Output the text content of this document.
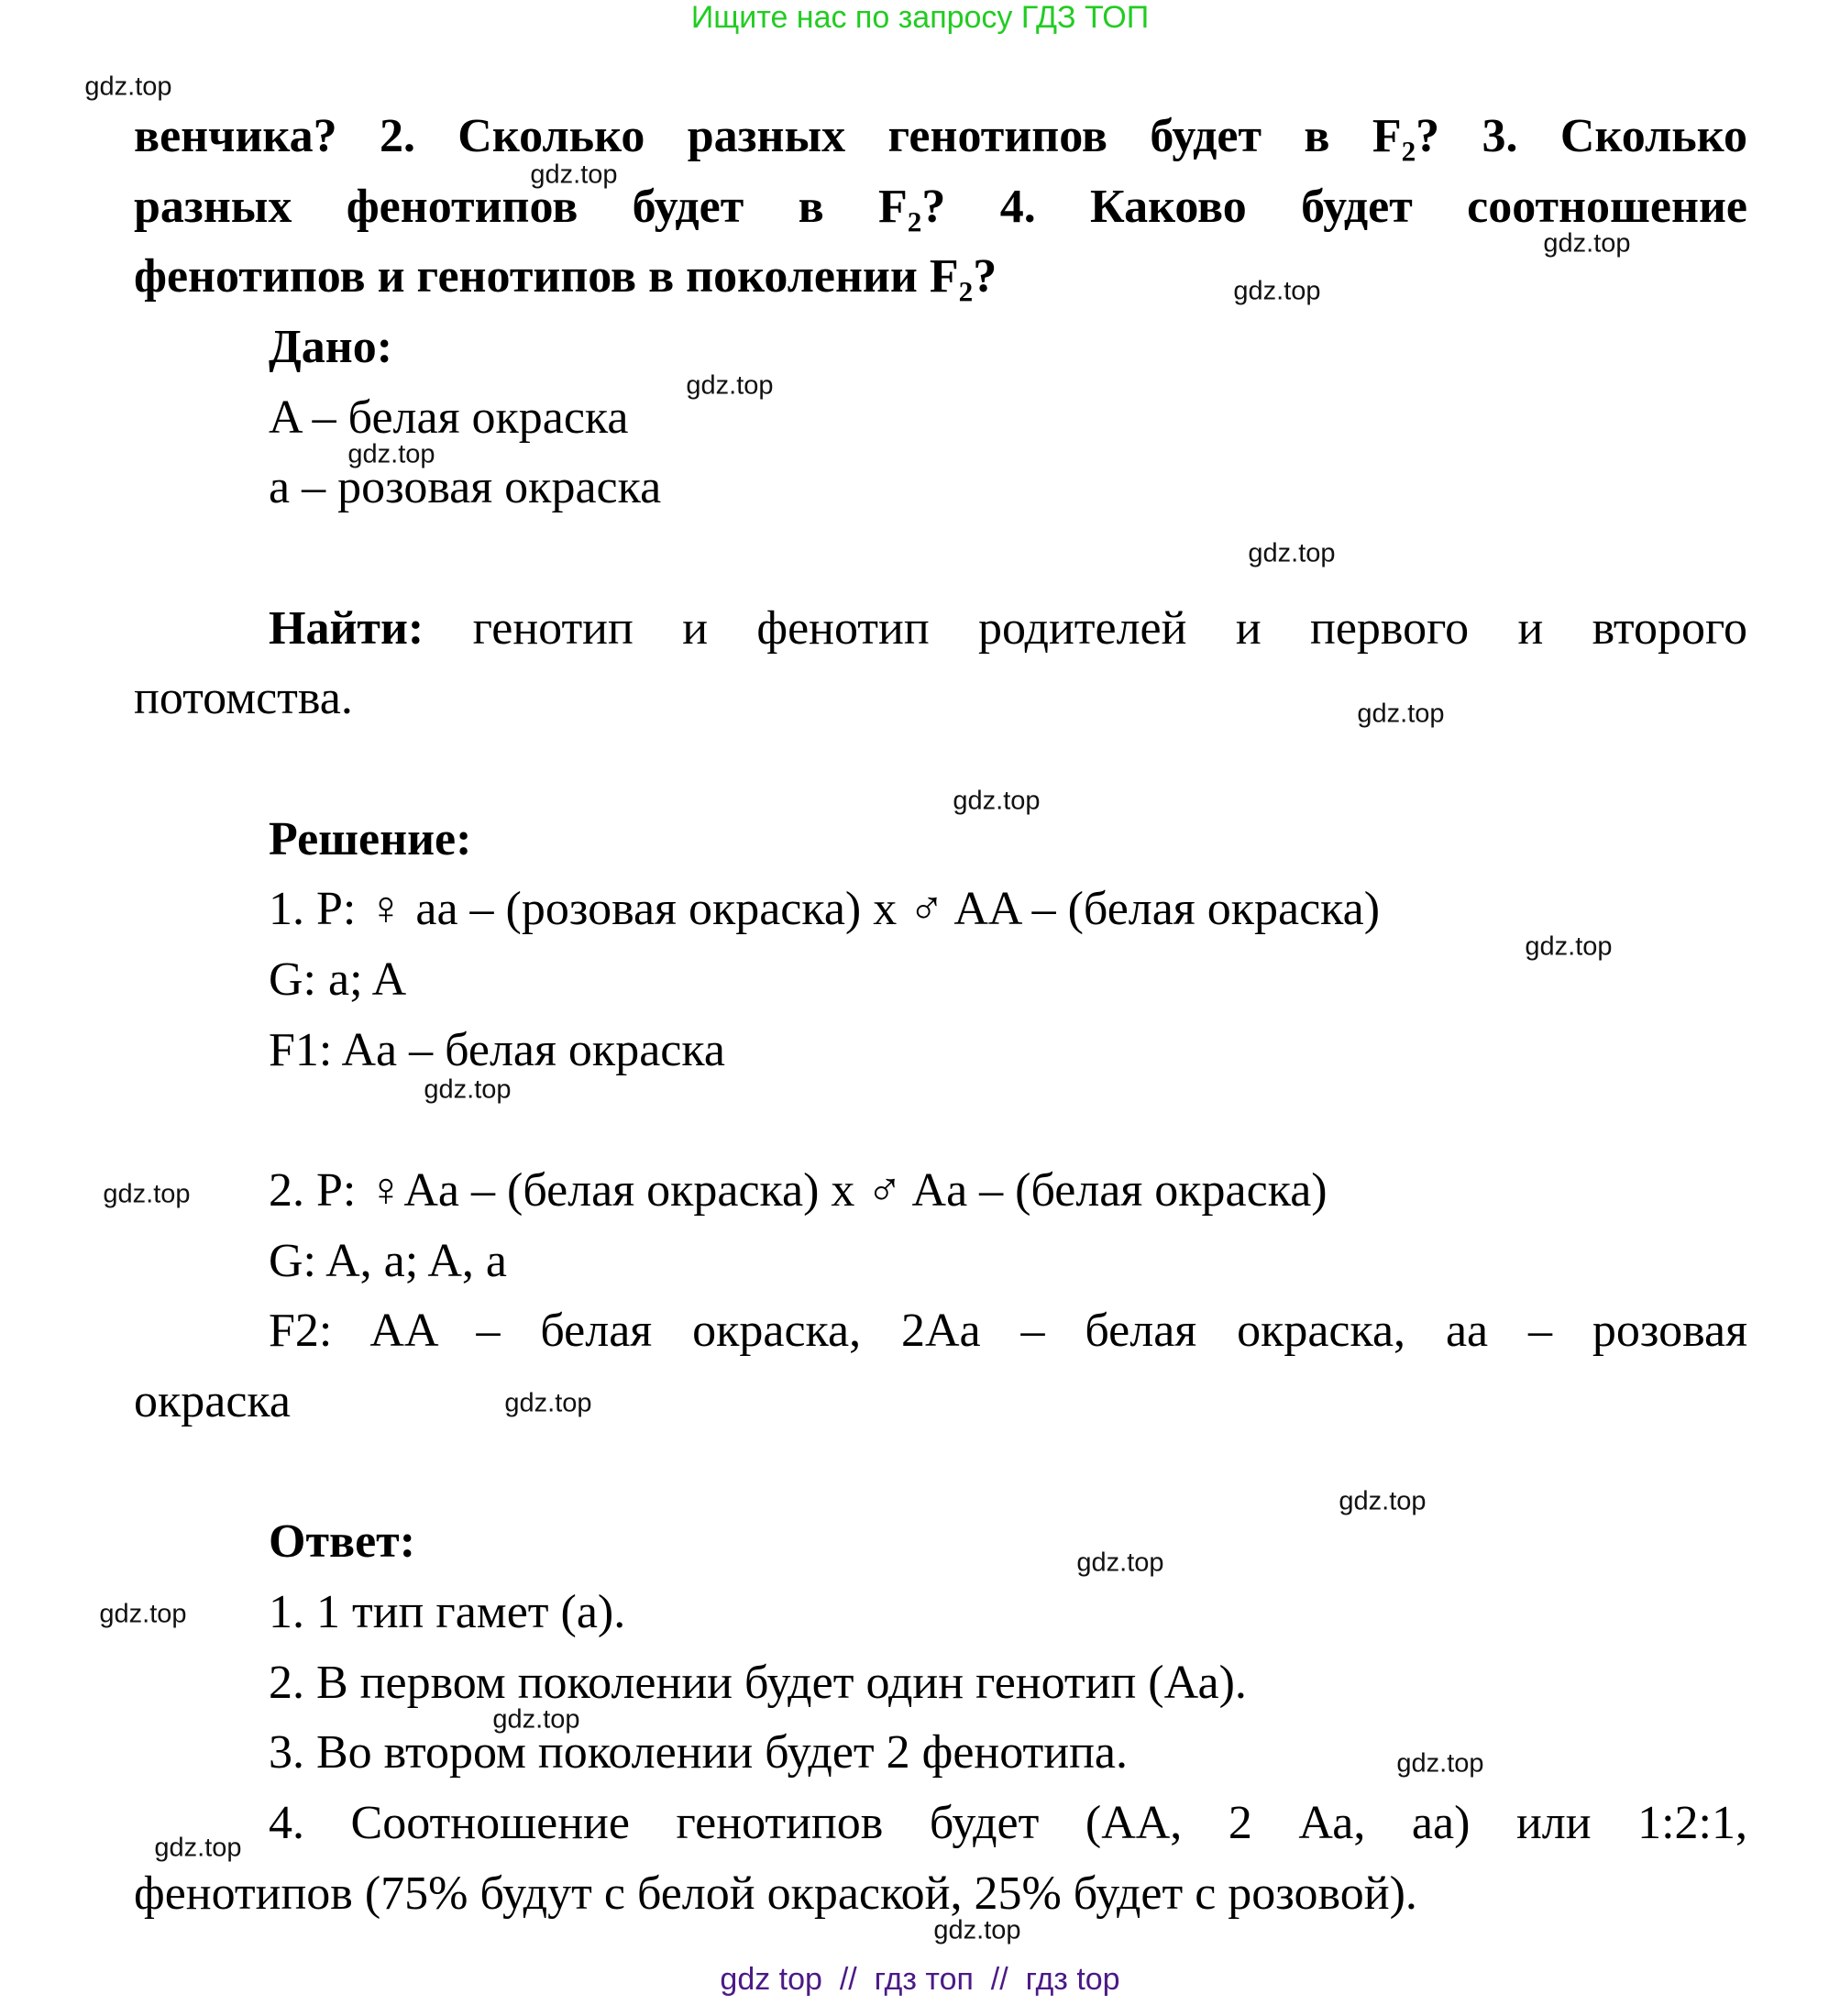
Ищите нас по запросу ГДЗ ТОП
венчика? 2. Сколько разных генотипов будет в F₂? 3. Сколько
разных фенотипов будет в F₂? 4. Каково будет соотношение
фенотипов и генотипов в поколении F₂?
Дано:
A – белая окраска
a – розовая окраска
Найти: генотип и фенотип родителей и первого и второго
потомства.
Решение:
1. P: ♀ aa – (розовая окраска) x ♂ AA – (белая окраска)
G: a; A
F1: Aa – белая окраска
2. P: ♀Aa – (белая окраска) x ♂ Aa – (белая окраска)
G: A, a; A, a
F2: AA – белая окраска, 2Aa – белая окраска, aa – розовая
окраска
Ответ:
1. 1 тип гамет (а).
2. В первом поколении будет один генотип (Аа).
3. Во втором поколении будет 2 фенотипа.
4. Соотношение генотипов будет (АА, 2 Аа, аа) или 1:2:1,
фенотипов (75% будут с белой окраской, 25% будет с розовой).
gdz.top
gdz.top
gdz.top
gdz.top
gdz.top
gdz.top
gdz.top
gdz.top
gdz.top
gdz.top
gdz.top
gdz.top
gdz.top
gdz.top
gdz.top
gdz.top
gdz.top
gdz.top
gdz.top
gdz.top
gdz top  //  гдз топ  //  гдз top
